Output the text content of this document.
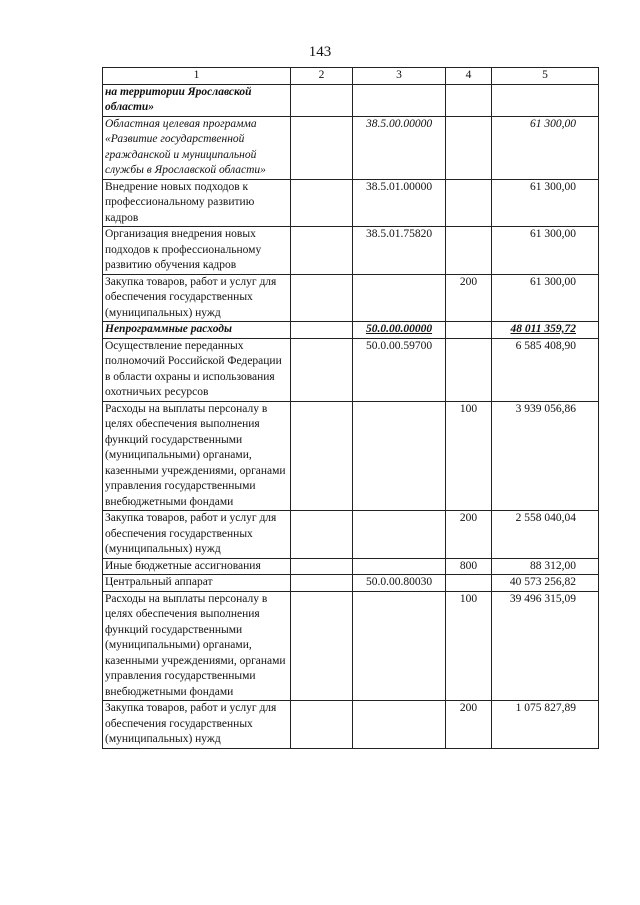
143
1	2	3	4	5
на территории Ярославской области»				
Областная целевая программа «Развитие государственной гражданской и муниципальной службы в Ярославской области»		38.5.00.00000		61 300,00
Внедрение новых подходов к профессиональному развитию кадров		38.5.01.00000		61 300,00
Организация внедрения новых подходов к профессиональному развитию обучения кадров		38.5.01.75820		61 300,00
Закупка товаров, работ и услуг для обеспечения государственных (муниципальных) нужд			200	61 300,00
Непрограммные расходы		50.0.00.00000		48 011 359,72
Осуществление переданных полномочий Российской Федерации в области охраны и использования охотничьих ресурсов		50.0.00.59700		6 585 408,90
Расходы на выплаты персоналу в целях обеспечения выполнения функций государственными (муниципальными) органами, казенными учреждениями, органами управления государственными внебюджетными фондами			100	3 939 056,86
Закупка товаров, работ и услуг для обеспечения государственных (муниципальных) нужд			200	2 558 040,04
Иные бюджетные ассигнования			800	88 312,00
Центральный аппарат		50.0.00.80030		40 573 256,82
Расходы на выплаты персоналу в целях обеспечения выполнения функций государственными (муниципальными) органами, казенными учреждениями, органами управления государственными внебюджетными фондами			100	39 496 315,09
Закупка товаров, работ и услуг для обеспечения государственных (муниципальных) нужд			200	1 075 827,89
